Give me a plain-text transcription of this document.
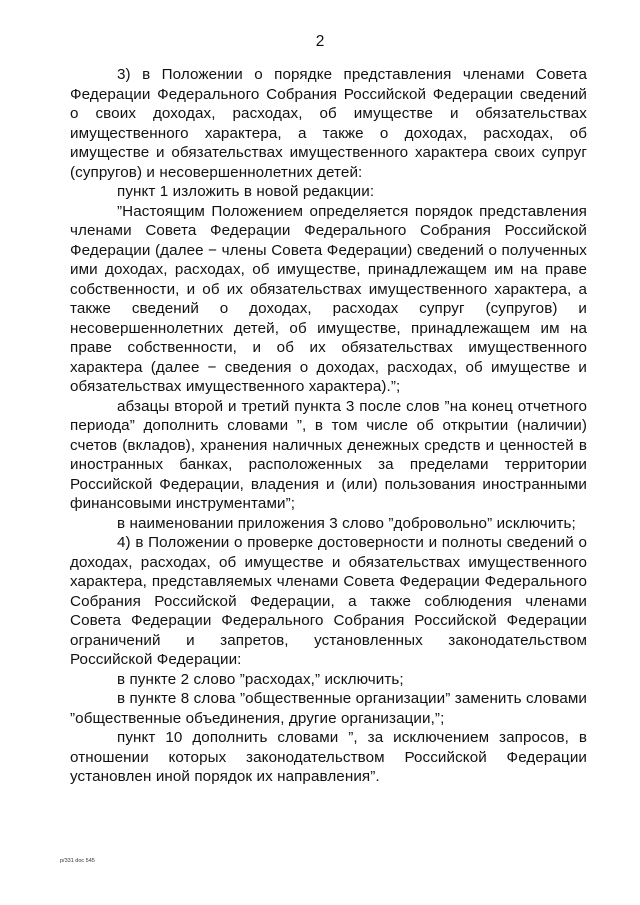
2

3) в Положении о порядке представления членами Совета Федерации Федерального Собрания Российской Федерации сведений о своих доходах, расходах, об имуществе и обязательствах имущественного характера, а также о доходах, расходах, об имуществе и обязательствах имущественного характера своих супруг (супругов) и несовершеннолетних детей:

пункт 1 изложить в новой редакции:

”Настоящим Положением определяется порядок представления членами Совета Федерации Федерального Собрания Российской Федерации (далее − члены Совета Федерации) сведений о полученных ими доходах, расходах, об имуществе, принадлежащем им на праве собственности, и об их обязательствах имущественного характера, а также сведений о доходах, расходах супруг (супругов) и несовершеннолетних детей, об имуществе, принадлежащем им на праве собственности, и об их обязательствах имущественного характера (далее − сведения о доходах, расходах, об имуществе и обязательствах имущественного характера).”;

абзацы второй и третий пункта 3 после слов ”на конец отчетного периода” дополнить словами ”, в том числе об открытии (наличии) счетов (вкладов), хранения наличных денежных средств и ценностей в иностранных банках, расположенных за пределами территории Российской Федерации, владения и (или) пользования иностранными финансовыми инструментами”;

в наименовании приложения 3 слово ”добровольно” исключить;

4) в Положении о проверке достоверности и полноты сведений о доходах, расходах, об имуществе и обязательствах имущественного характера, представляемых членами Совета Федерации Федерального Собрания Российской Федерации, а также соблюдения членами Совета Федерации Федерального Собрания Российской Федерации ограничений и запретов, установленных законодательством Российской Федерации:

в пункте 2 слово ”расходах,” исключить;

в пункте 8 слова ”общественные организации” заменить словами ”общественные объединения, другие организации,”;

пункт 10 дополнить словами ”, за исключением запросов, в отношении которых законодательством Российской Федерации установлен иной порядок их направления”.

р/331 doc 545
